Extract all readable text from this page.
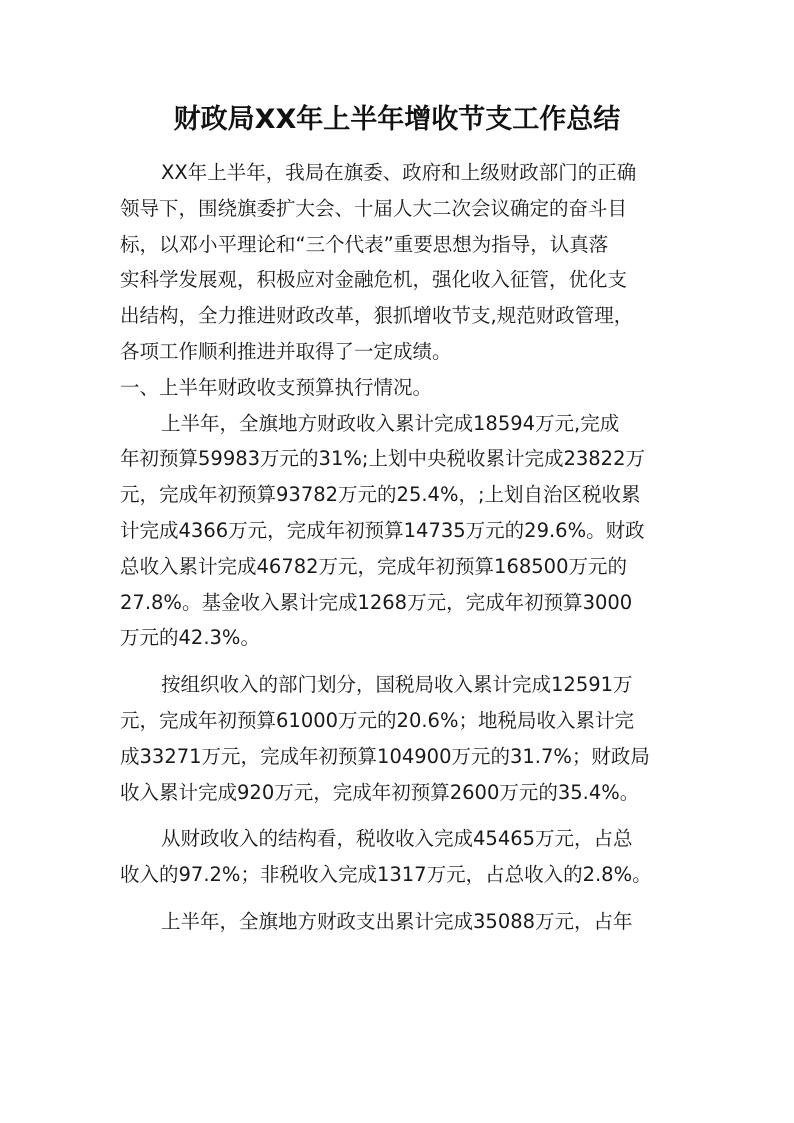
财政局XX年上半年增收节支工作总结
XX年上半年，我局在旗委、政府和上级财政部门的正确
领导下，围绕旗委扩大会、十届人大二次会议确定的奋斗目
标，以邓小平理论和“三个代表”重要思想为指导，认真落
实科学发展观，积极应对金融危机，强化收入征管，优化支
出结构，全力推进财政改革，狠抓增收节支,规范财政管理，
各项工作顺利推进并取得了一定成绩。
一、上半年财政收支预算执行情况。
上半年，全旗地方财政收入累计完成18594万元,完成
年初预算59983万元的31%;上划中央税收累计完成23822万
元，完成年初预算93782万元的25.4%，;上划自治区税收累
计完成4366万元，完成年初预算14735万元的29.6%。财政
总收入累计完成46782万元，完成年初预算168500万元的
27.8%。基金收入累计完成1268万元，完成年初预算3000
万元的42.3%。
按组织收入的部门划分，国税局收入累计完成12591万
元，完成年初预算61000万元的20.6%；地税局收入累计完
成33271万元，完成年初预算104900万元的31.7%；财政局
收入累计完成920万元，完成年初预算2600万元的35.4%。
从财政收入的结构看，税收收入完成45465万元，占总
收入的97.2%；非税收入完成1317万元，占总收入的2.8%。
上半年，全旗地方财政支出累计完成35088万元，占年
